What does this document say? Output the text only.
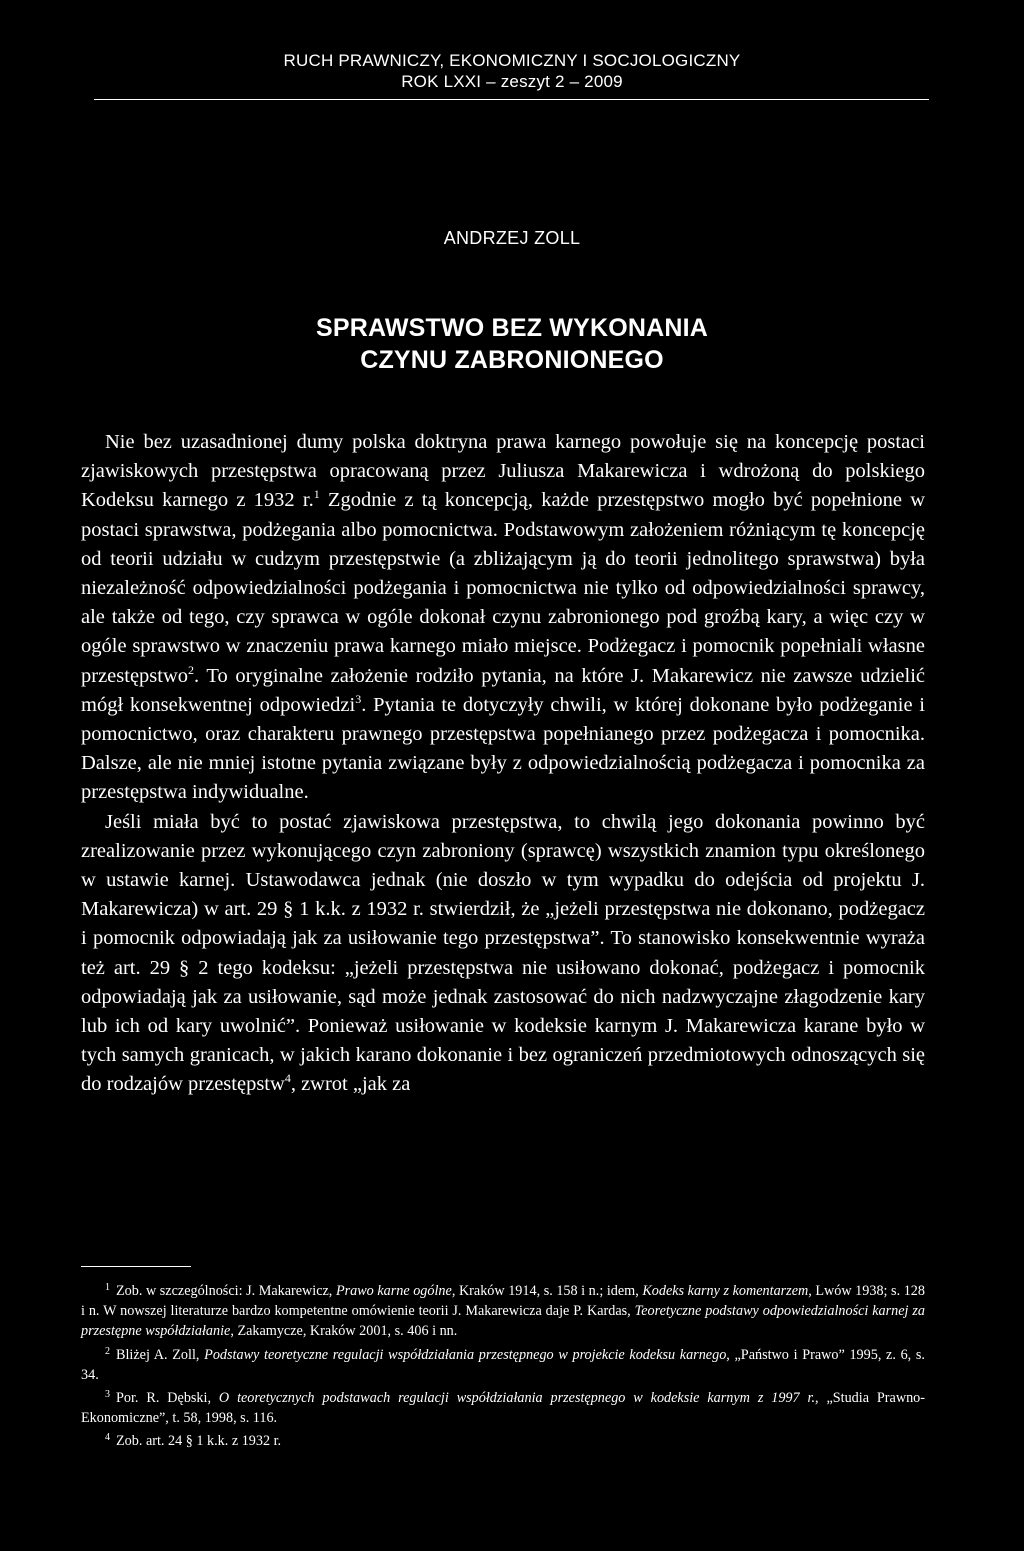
RUCH PRAWNICZY, EKONOMICZNY I SOCJOLOGICZNY
ROK LXXI – zeszyt 2 – 2009
ANDRZEJ ZOLL
SPRAWSTWO BEZ WYKONANIA
CZYNU ZABRONIONEGO

Nie bez uzasadnionej dumy polska doktryna prawa karnego powołuje się na koncepcję postaci zjawiskowych przestępstwa opracowaną przez Juliusza Makarewicza i wdrożoną do polskiego Kodeksu karnego z 1932 r.$^1$ Zgodnie z tą koncepcją, każde przestępstwo mogło być popełnione w postaci sprawstwa, podżegania albo pomocnictwa. Podstawowym założeniem różniącym tę koncepcję od teorii udziału w cudzym przestępstwie (a zbliżającym ją do teorii jednolitego sprawstwa) była niezależność odpowiedzialności podżegania i pomocnictwa nie tylko od odpowiedzialności sprawcy, ale także od tego, czy sprawca w ogóle dokonał czynu zabronionego pod groźbą kary, a więc czy w ogóle sprawstwo w znaczeniu prawa karnego miało miejsce. Podżegacz i pomocnik popełniali własne przestępstwo$^2$. To oryginalne założenie rodziło pytania, na które J. Makarewicz nie zawsze udzielić mógł konsekwentnej odpowiedzi$^3$. Pytania te dotyczyły chwili, w której dokonane było podżeganie i pomocnictwo, oraz charakteru prawnego przestępstwa popełnianego przez podżegacza i pomocnika. Dalsze, ale nie mniej istotne pytania związane były z odpowiedzialnością podżegacza i pomocnika za przestępstwa indywidualne.

Jeśli miała być to postać zjawiskowa przestępstwa, to chwilą jego dokonania powinno być zrealizowanie przez wykonującego czyn zabroniony (sprawcę) wszystkich znamion typu określonego w ustawie karnej. Ustawodawca jednak (nie doszło w tym wypadku do odejścia od projektu J. Makarewicza) w art. 29 § 1 k.k. z 1932 r. stwierdził, że „jeżeli przestępstwa nie dokonano, podżegacz i pomocnik odpowiadają jak za usiłowanie tego przestępstwa”. To stanowisko konsekwentnie wyraża też art. 29 § 2 tego kodeksu: „jeżeli przestępstwa nie usiłowano dokonać, podżegacz i pomocnik odpowiadają jak za usiłowanie, sąd może jednak zastosować do nich nadzwyczajne złagodzenie kary lub ich od kary uwolnić”. Ponieważ usiłowanie w kodeksie karnym J. Makarewicza karane było w tych samych granicach, w jakich karano dokonanie i bez ograniczeń przedmiotowych odnoszących się do rodzajów przestępstw$^4$, zwrot „jak za

$^1$ Zob. w szczególności: J. Makarewicz, Prawo karne ogólne, Kraków 1914, s. 158 i n.; idem, Kodeks karny z komentarzem, Lwów 1938; s. 128 i n. W nowszej literaturze bardzo kompetentne omówienie teorii J. Makarewicza daje P. Kardas, Teoretyczne podstawy odpowiedzialności karnej za przestępne współdziałanie, Zakamycze, Kraków 2001, s. 406 i nn.

$^2$ Bliżej A. Zoll, Podstawy teoretyczne regulacji współdziałania przestępnego w projekcie kodeksu karnego, „Państwo i Prawo” 1995, z. 6, s. 34.

$^3$ Por. R. Dębski, O teoretycznych podstawach regulacji współdziałania przestępnego w kodeksie karnym z 1997 r., „Studia Prawno-Ekonomiczne”, t. 58, 1998, s. 116.

$^4$ Zob. art. 24 § 1 k.k. z 1932 r.
